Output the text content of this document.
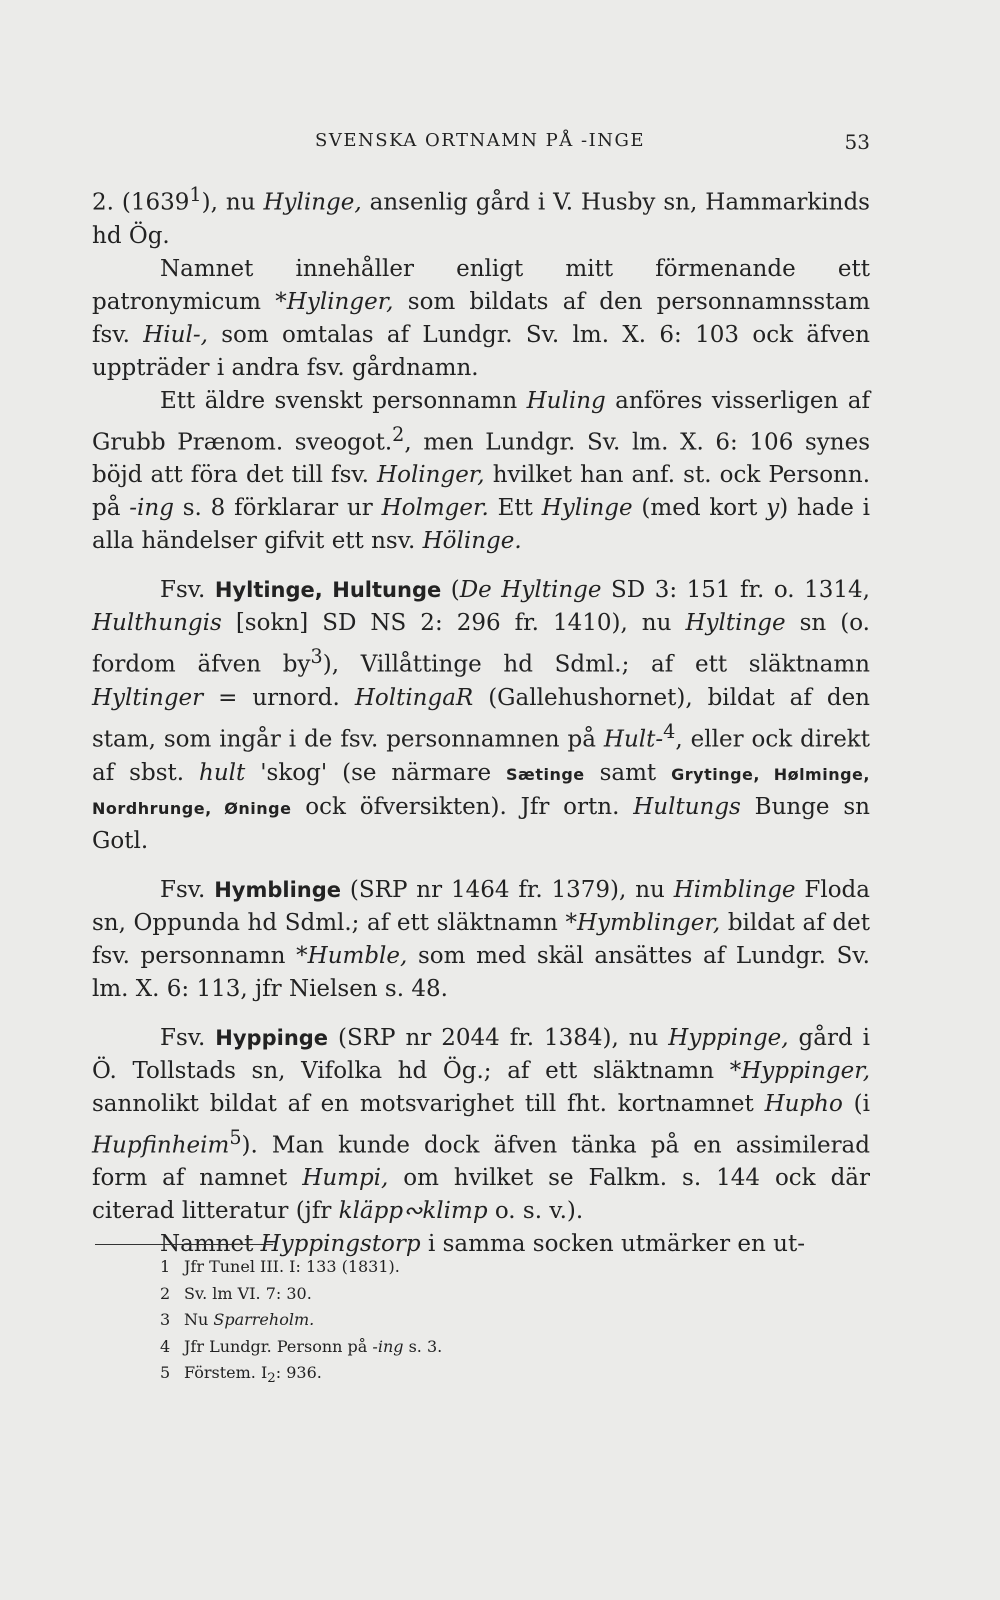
SVENSKA ORTNAMN PÅ -INGE	53

2. (1639$^1$), nu Hylinge, ansenlig gård i V. Husby sn, Hammarkinds hd Ög.

Namnet innehåller enligt mitt förmenande ett patronymicum *Hylinger, som bildats af den personnamnsstam fsv. Hiul-, som omtalas af Lundgr. Sv. lm. X. 6: 103 ock äfven uppträder i andra fsv. gårdnamn.

Ett äldre svenskt personnamn Huling anföres visserligen af Grubb Prænom. sveogot.$^2$, men Lundgr. Sv. lm. X. 6: 106 synes böjd att föra det till fsv. Holinger, hvilket han anf. st. ock Personn. på -ing s. 8 förklarar ur Holmger. Ett Hylinge (med kort y) hade i alla händelser gifvit ett nsv. Hölinge.

Fsv. Hyltinge, Hultunge (De Hyltinge SD 3: 151 fr. o. 1314, Hulthungis [sokn] SD NS 2: 296 fr. 1410), nu Hyltinge sn (o. fordom äfven $by^3$), Villåttinge hd Sdml.; af ett släktnamn Hyltinger = urnord. HoltingaR (Gallehushornet), bildat af den stam, som ingår i de fsv. personnamnen på Hult-$^4$, eller ock direkt af sbst. hult 'skog' (se närmare Sætinge samt Grytinge, Hølminge, Nordhrunge, Øninge ock öfversikten). Jfr ortn. Hultungs Bunge sn Gotl.

Fsv. Hymblinge (SRP nr 1464 fr. 1379), nu Himblinge Floda sn, Oppunda hd Sdml.; af ett släktnamn *Hymblinger, bildat af det fsv. personnamn *Humble, som med skäl ansättes af Lundgr. Sv. lm. X. 6: 113, jfr Nielsen s. 48.

Fsv. Hyppinge (SRP nr 2044 fr. 1384), nu Hyppinge, gård i Ö. Tollstads sn, Vifolka hd Ög.; af ett släktnamn *Hyppinger, sannolikt bildat af en motsvarighet till fht. kortnamnet Hupho (i Hupfinheim$^5$). Man kunde dock äfven tänka på en assimilerad form af namnet Humpi, om hvilket se Falkm. s. 144 ock där citerad litteratur (jfr kläpp∾klimp o. s. v.).

Namnet Hyppingstorp i samma socken utmärker en ut-

1 Jfr Tunel III. I: 133 (1831).
2 Sv. lm VI. 7: 30.
3 Nu Sparreholm.
4 Jfr Lundgr. Personn på -ing s. 3.
5 Förstem. $I_2$: 936.
